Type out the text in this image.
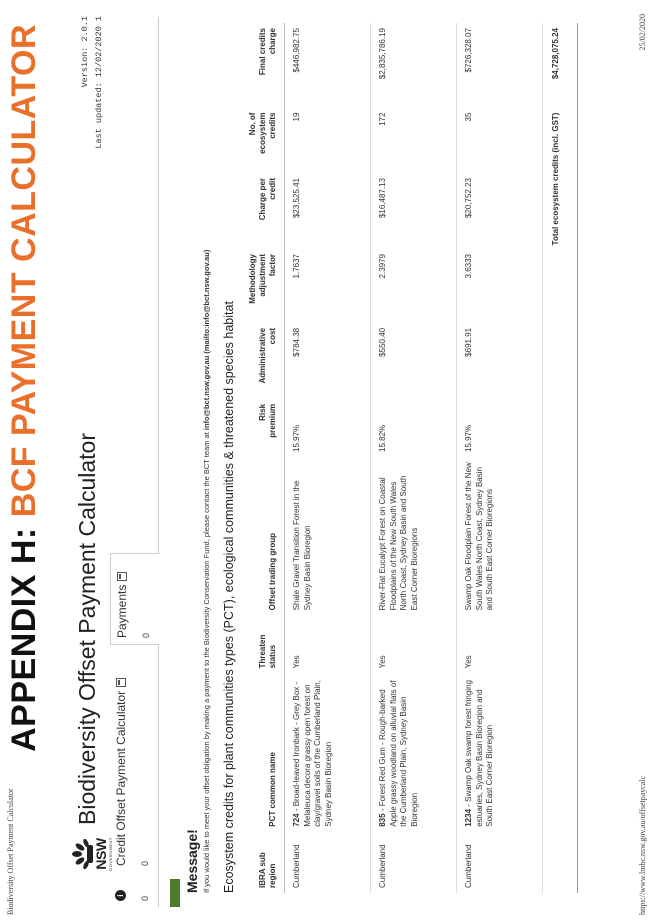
Biodiversity Offset Payment Calculator
APPENDIX H: BCF PAYMENT CALCULATOR
NSW GOVERNMENT
Biodiversity Offset Payment Calculator
Version: 2.0.1 Last updated: 12/02/2020 1
i
0
Credit Offset Payment Calculator 0
Payments 0
Message! If you would like to meet your offset obligation by making a payment to the Biodiversity Conservation Fund, please contact the BCT team at info@bct.nsw.gov.au (mailto:info@bct.nsw.gov.au) Ecosystem credits for plant communities types (PCT), ecological communities & threatened species habitat	IBRA sub region	PCT common name	Threaten status	Offset trading group	Risk premium	Administrative cost	Methodology adjustment factor	Charge per credit	No. of ecosystem credits	Final credits charge
Cumberland	724 - Broad-leaved Ironbark - Grey Box - Melaleuca decora grassy open forest on clay/gravel soils of the Cumberland Plain, Sydney Basin Bioregion	Yes	Shale Gravel Transition Forest in the Sydney Basin Bioregion	15.97%	$784.38	1.7637	$23,525.41	19	$446,982.75
Cumberland	835 - Forest Red Gum - Rough-barked Apple grassy woodland on alluvial flats of the Cumberland Plain, Sydney Basin Bioregion	Yes	River-Flat Eucalypt Forest on Coastal Floodplains of the New South Wales North Coast, Sydney Basin and South East Corner Bioregions	15.82%	$550.40	2.3979	$16,487.13	172	$2,835,786.19
Cumberland	1234 - Swamp Oak swamp forest fringing estuaries, Sydney Basin Bioregion and South East Corner Bioregion	Yes	Swamp Oak Floodplain Forest of the New South Wales North Coast, Sydney Basin and South East Corner Bioregions	15.97%	$691.91	3.6333	$20,752.23	35	$726,328.07
Total ecosystem credits (incl. GST)									$4,728,075.24
https://www.lmbc.nsw.gov.au/offsetpaycalc
25/02/2020
